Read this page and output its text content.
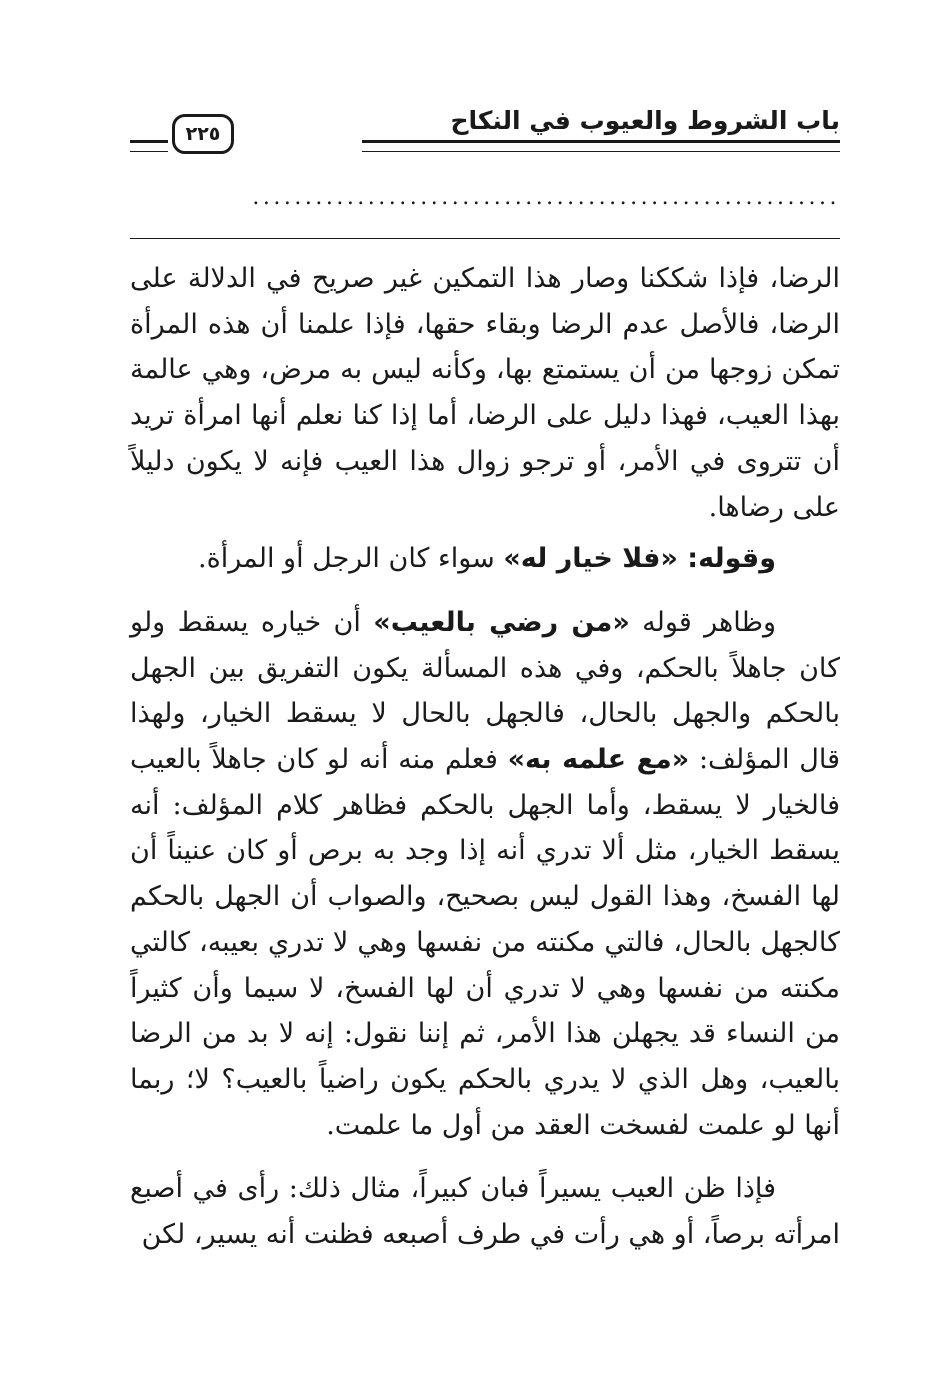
باب الشروط والعيوب في النكاح
٢٢٥
........................................................

الرضا، فإذا شككنا وصار هذا التمكين غير صريح في الدلالة على الرضا، فالأصل عدم الرضا وبقاء حقها، فإذا علمنا أن هذه المرأة تمكن زوجها من أن يستمتع بها، وكأنه ليس به مرض، وهي عالمة بهذا العيب، فهذا دليل على الرضا، أما إذا كنا نعلم أنها امرأة تريد أن تتروى في الأمر، أو ترجو زوال هذا العيب فإنه لا يكون دليلاً على رضاها.

وقوله: «فلا خيار له» سواء كان الرجل أو المرأة.

وظاهر قوله «من رضي بالعيب» أن خياره يسقط ولو كان جاهلاً بالحكم، وفي هذه المسألة يكون التفريق بين الجهل بالحكم والجهل بالحال، فالجهل بالحال لا يسقط الخيار، ولهذا قال المؤلف: «مع علمه به» فعلم منه أنه لو كان جاهلاً بالعيب فالخيار لا يسقط، وأما الجهل بالحكم فظاهر كلام المؤلف: أنه يسقط الخيار، مثل ألا تدري أنه إذا وجد به برص أو كان عنيناً أن لها الفسخ، وهذا القول ليس بصحيح، والصواب أن الجهل بالحكم كالجهل بالحال، فالتي مكنته من نفسها وهي لا تدري بعيبه، كالتي مكنته من نفسها وهي لا تدري أن لها الفسخ، لا سيما وأن كثيراً من النساء قد يجهلن هذا الأمر، ثم إننا نقول: إنه لا بد من الرضا بالعيب، وهل الذي لا يدري بالحكم يكون راضياً بالعيب؟ لا؛ ربما أنها لو علمت لفسخت العقد من أول ما علمت.

فإذا ظن العيب يسيراً فبان كبيراً، مثال ذلك: رأى في أصبع امرأته برصاً، أو هي رأت في طرف أصبعه فظنت أنه يسير، لكن
